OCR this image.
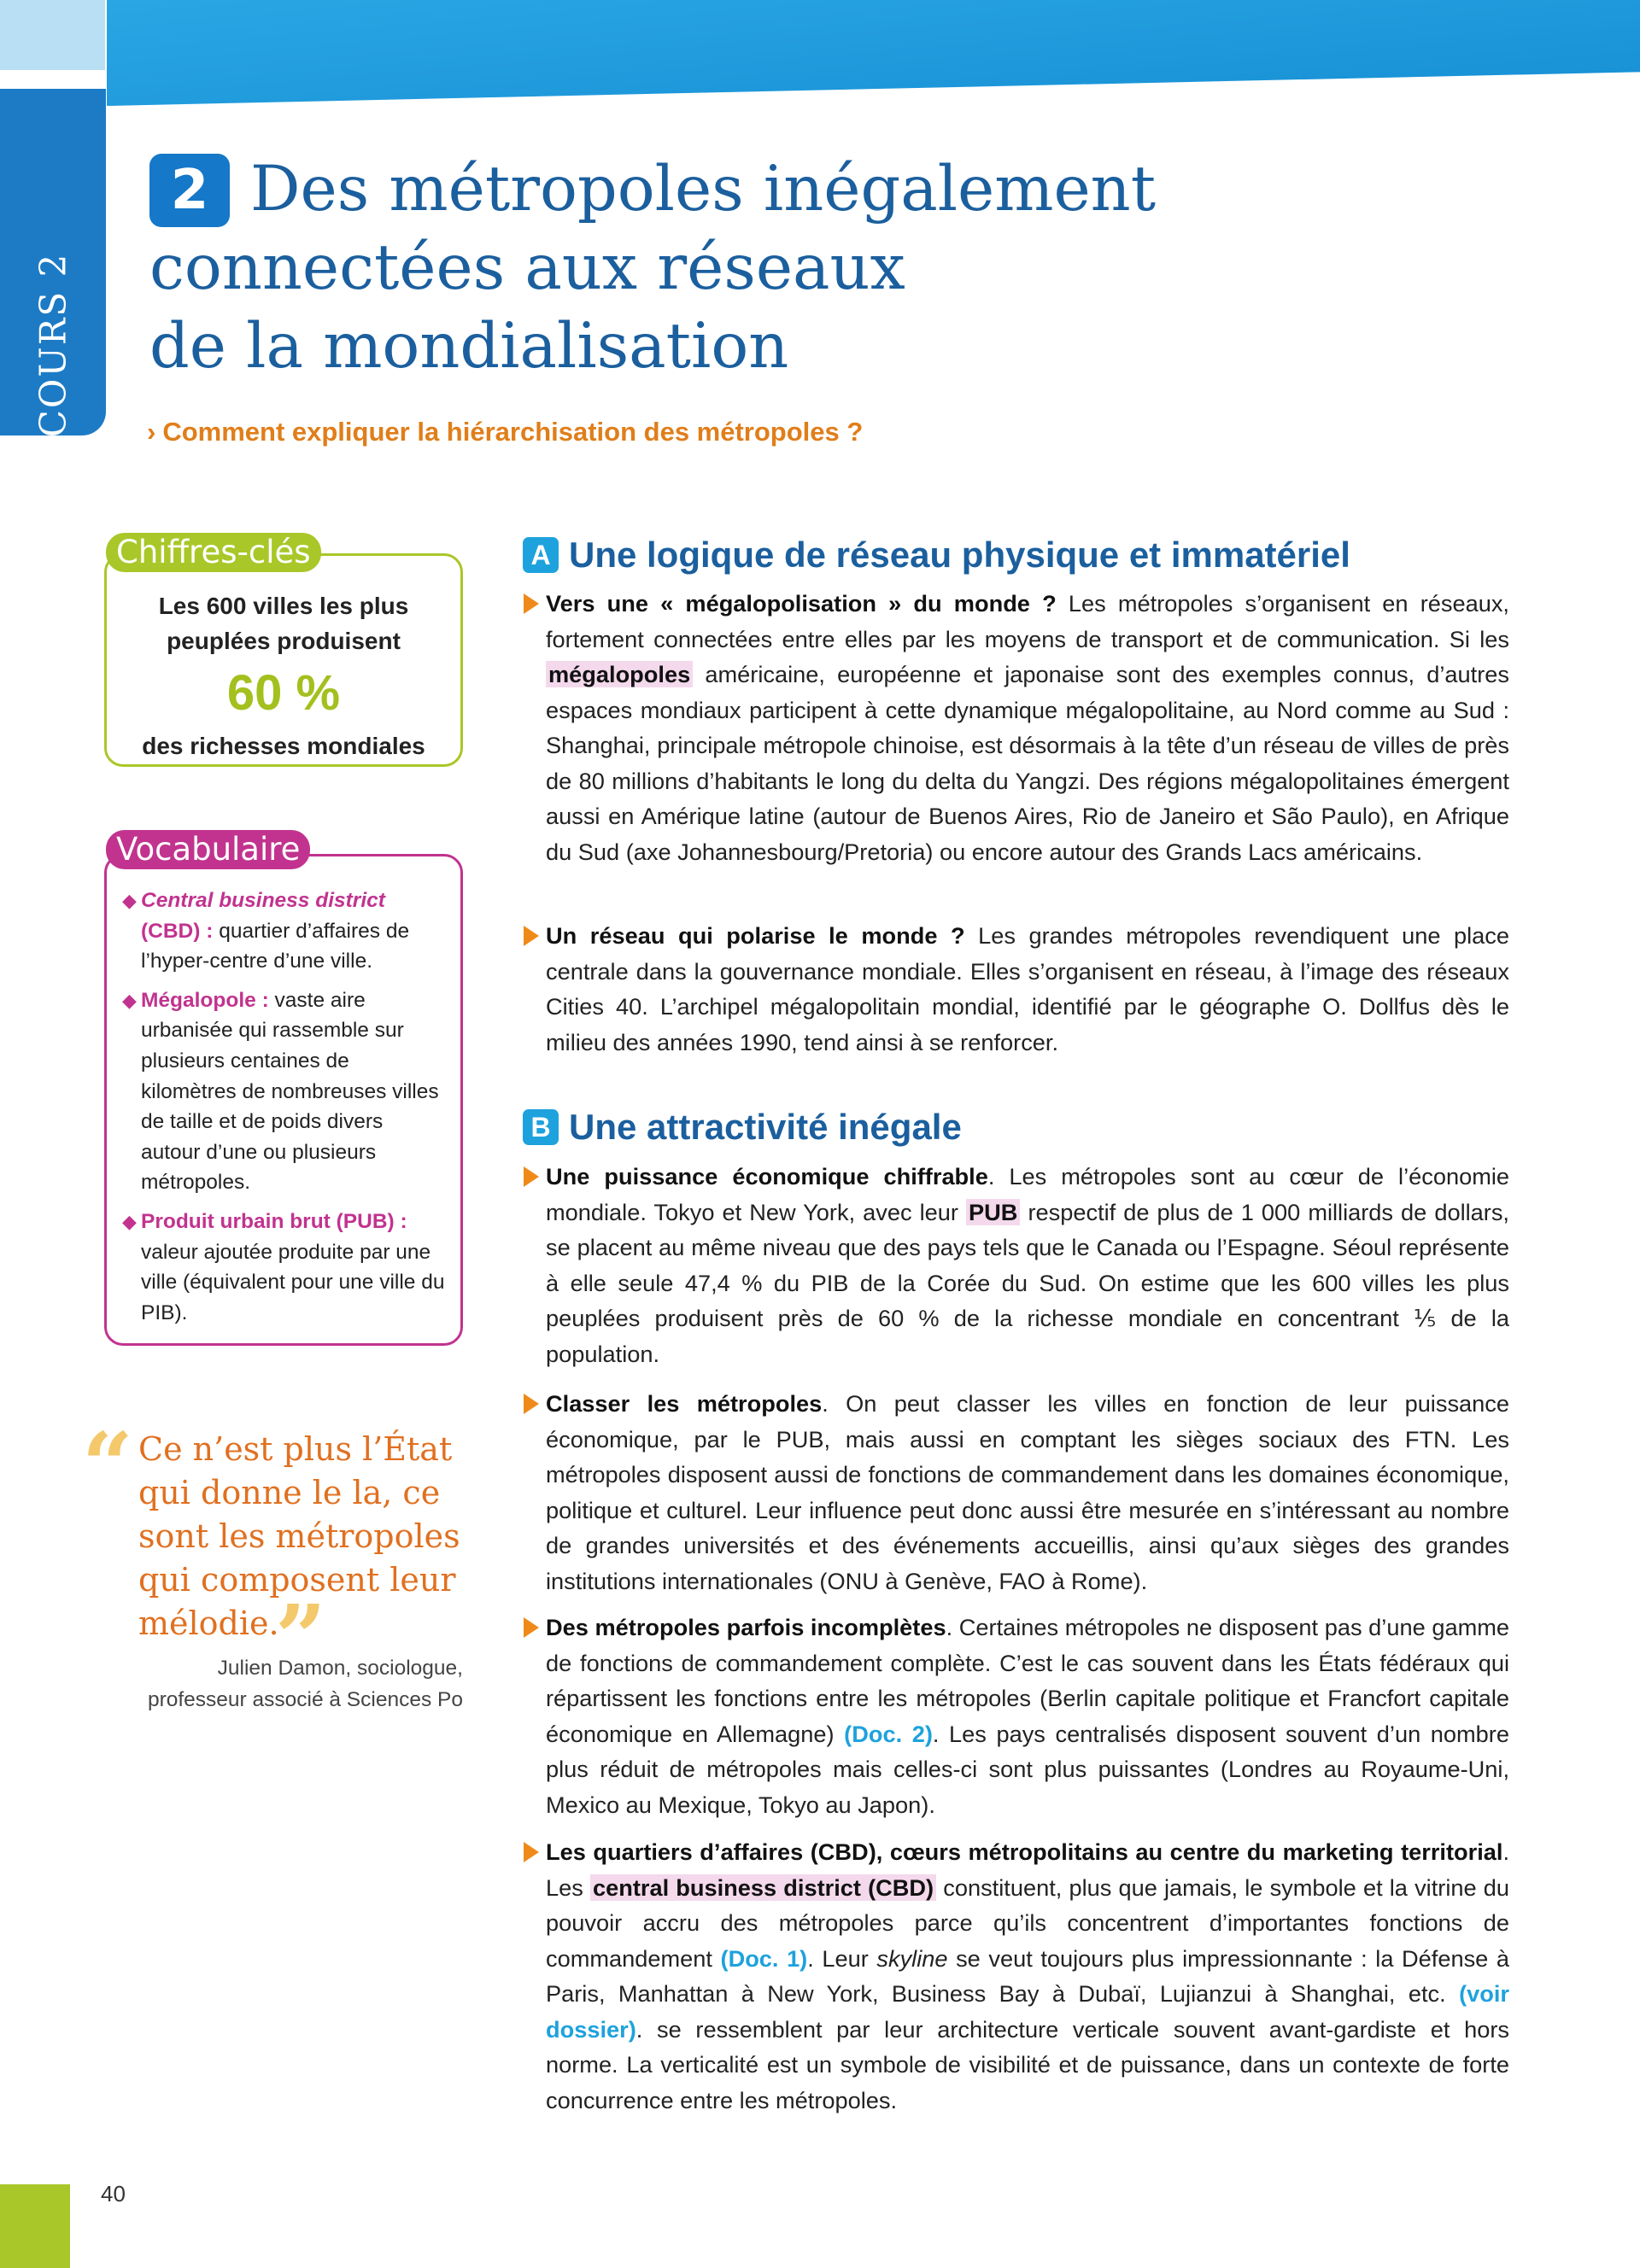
COURS 2
2 Des métropoles inégalement
connectées aux réseaux
de la mondialisation
› Comment expliquer la hiérarchisation des métropoles ?
Les 600 villes les plus
peuplées produisent
60 %
des richesses mondiales
Chiffres-clés
◆ Central business district (CBD) : quartier d’affaires de l’hyper-centre d’une ville.
◆ Mégalopole : vaste aire urbanisée qui rassemble sur plusieurs centaines de kilomètres de nombreuses villes de taille et de poids divers autour d’une ou plusieurs métropoles.
◆ Produit urbain brut (PUB) : valeur ajoutée produite par une ville (équivalent pour une ville du PIB).
Vocabulaire
“ Ce n’est plus l’État qui donne le la, ce sont les métropoles qui composent leur mélodie.
”
Julien Damon, sociologue,
professeur associé à Sciences Po
A Une logique de réseau physique et immatériel
Vers une « mégalopolisation » du monde ? Les métropoles s’organisent en réseaux, fortement connectées entre elles par les moyens de transport et de communication. Si les mégalopoles américaine, européenne et japonaise sont des exemples connus, d’autres espaces mondiaux participent à cette dynamique mégalopolitaine, au Nord comme au Sud : Shanghai, principale métropole chinoise, est désormais à la tête d’un réseau de villes de près de 80 millions d’habitants le long du delta du Yangzi. Des régions mégalopolitaines émergent aussi en Amérique latine (autour de Buenos Aires, Rio de Janeiro et São Paulo), en Afrique du Sud (axe Johannesbourg/Pretoria) ou encore autour des Grands Lacs américains.
Un réseau qui polarise le monde ? Les grandes métropoles revendiquent une place centrale dans la gouvernance mondiale. Elles s’organisent en réseau, à l’image des réseaux Cities 40. L’archipel mégalopolitain mondial, identifié par le géographe O. Dollfus dès le milieu des années 1990, tend ainsi à se renforcer.
B Une attractivité inégale
Une puissance économique chiffrable. Les métropoles sont au cœur de l’économie mondiale. Tokyo et New York, avec leur PUB respectif de plus de 1 000 milliards de dollars, se placent au même niveau que des pays tels que le Canada ou l’Espagne. Séoul représente à elle seule 47,4 % du PIB de la Corée du Sud. On estime que les 600 villes les plus peuplées produisent près de 60 % de la richesse mondiale en concentrant ⅕ de la population.
Classer les métropoles. On peut classer les villes en fonction de leur puissance économique, par le PUB, mais aussi en comptant les sièges sociaux des FTN. Les métropoles disposent aussi de fonctions de commandement dans les domaines économique, politique et culturel. Leur influence peut donc aussi être mesurée en s’intéressant au nombre de grandes universités et des événements accueillis, ainsi qu’aux sièges des grandes institutions internationales (ONU à Genève, FAO à Rome).
Des métropoles parfois incomplètes. Certaines métropoles ne disposent pas d’une gamme de fonctions de commandement complète. C’est le cas souvent dans les États fédéraux qui répartissent les fonctions entre les métropoles (Berlin capitale politique et Francfort capitale économique en Allemagne) (Doc. 2). Les pays centralisés disposent souvent d’un nombre plus réduit de métropoles mais celles-ci sont plus puissantes (Londres au Royaume-Uni, Mexico au Mexique, Tokyo au Japon).
Les quartiers d’affaires (CBD), cœurs métropolitains au centre du marketing territorial. Les central business district (CBD) constituent, plus que jamais, le symbole et la vitrine du pouvoir accru des métropoles parce qu’ils concentrent d’importantes fonctions de commandement (Doc. 1). Leur skyline se veut toujours plus impressionnante : la Défense à Paris, Manhattan à New York, Business Bay à Dubaï, Lujianzui à Shanghai, etc. (voir dossier). se ressemblent par leur architecture verticale souvent avant-gardiste et hors norme. La verticalité est un symbole de visibilité et de puissance, dans un contexte de forte concurrence entre les métropoles.
40
